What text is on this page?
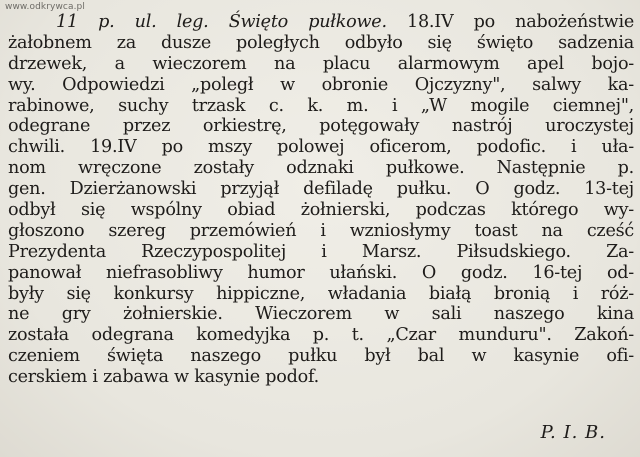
www.odkrywca.pl
11 p. ul. leg. Święto pułkowe. 18.IV po nabożeństwie
żałobnem za dusze poległych odbyło się święto sadzenia
drzewek, a wieczorem na placu alarmowym apel bojo-
wy. Odpowiedzi „poległ w obronie Ojczyzny", salwy ka-
rabinowe, suchy trzask c. k. m. i „W mogile ciemnej",
odegrane przez orkiestrę, potęgowały nastrój uroczystej
chwili. 19.IV po mszy polowej oficerom, podofic. i uła-
nom wręczone zostały odznaki pułkowe. Następnie p.
gen. Dzierżanowski przyjął defiladę pułku. O godz. 13-tej
odbył się wspólny obiad żołnierski, podczas którego wy-
głoszono szereg przemówień i wzniosłymy toast na cześć
Prezydenta Rzeczypospolitej i Marsz. Piłsudskiego. Za-
panował niefrasobliwy humor ułański. O godz. 16-tej od-
były się konkursy hippiczne, władania białą bronią i róż-
ne gry żołnierskie. Wieczorem w sali naszego kina
została odegrana komedyjka p. t. „Czar munduru". Zakoń-
czeniem święta naszego pułku był bal w kasynie ofi-
cerskiem i zabawa w kasynie podof.
P. I. B.
